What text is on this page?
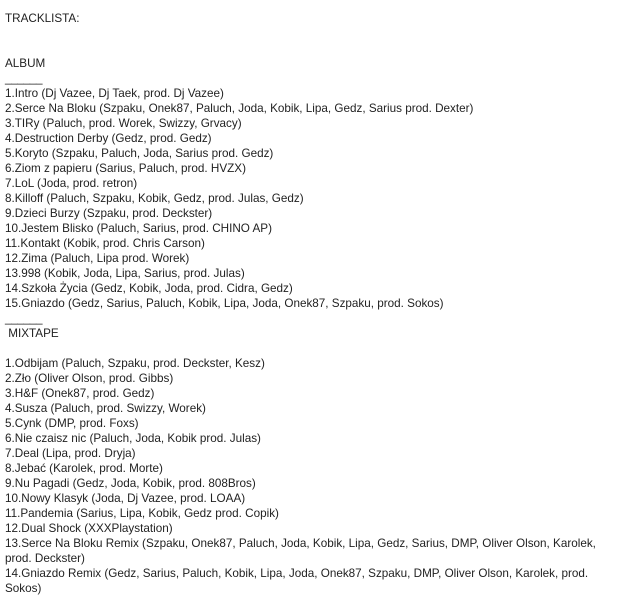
TRACKLISTA:
ALBUM
______
1.Intro (Dj Vazee, Dj Taek, prod. Dj Vazee)
2.Serce Na Bloku (Szpaku, Onek87, Paluch, Joda, Kobik, Lipa, Gedz, Sarius prod. Dexter)
3.TIRy (Paluch, prod. Worek, Swizzy, Grvacy)
4.Destruction Derby (Gedz, prod. Gedz)
5.Koryto (Szpaku, Paluch, Joda, Sarius prod. Gedz)
6.Ziom z papieru (Sarius, Paluch, prod. HVZX)
7.LoL (Joda, prod. retron)
8.Killoff (Paluch, Szpaku, Kobik, Gedz, prod. Julas, Gedz)
9.Dzieci Burzy (Szpaku, prod. Deckster)
10.Jestem Blisko (Paluch, Sarius, prod. CHINO AP)
11.Kontakt (Kobik, prod. Chris Carson)
12.Zima (Paluch, Lipa prod. Worek)
13.998 (Kobik, Joda, Lipa, Sarius, prod. Julas)
14.Szkoła Życia (Gedz, Kobik, Joda, prod. Cidra, Gedz)
15.Gniazdo (Gedz, Sarius, Paluch, Kobik, Lipa, Joda, Onek87, Szpaku, prod. Sokos)
______
MIXTAPE
1.Odbijam (Paluch, Szpaku, prod. Deckster, Kesz)
2.Zło (Oliver Olson, prod. Gibbs)
3.H&F (Onek87, prod. Gedz)
4.Susza (Paluch, prod. Swizzy, Worek)
5.Cynk (DMP, prod. Foxs)
6.Nie czaisz nic (Paluch, Joda, Kobik prod. Julas)
7.Deal (Lipa, prod. Dryja)
8.Jebać (Karolek, prod. Morte)
9.Nu Pagadi (Gedz, Joda, Kobik, prod. 808Bros)
10.Nowy Klasyk (Joda, Dj Vazee, prod. LOAA)
11.Pandemia (Sarius, Lipa, Kobik, Gedz prod. Copik)
12.Dual Shock (XXXPlaystation)
13.Serce Na Bloku Remix (Szpaku, Onek87, Paluch, Joda, Kobik, Lipa, Gedz, Sarius, DMP, Oliver Olson, Karolek, prod. Deckster)
14.Gniazdo Remix (Gedz, Sarius, Paluch, Kobik, Lipa, Joda, Onek87, Szpaku, DMP, Oliver Olson, Karolek, prod. Sokos)
